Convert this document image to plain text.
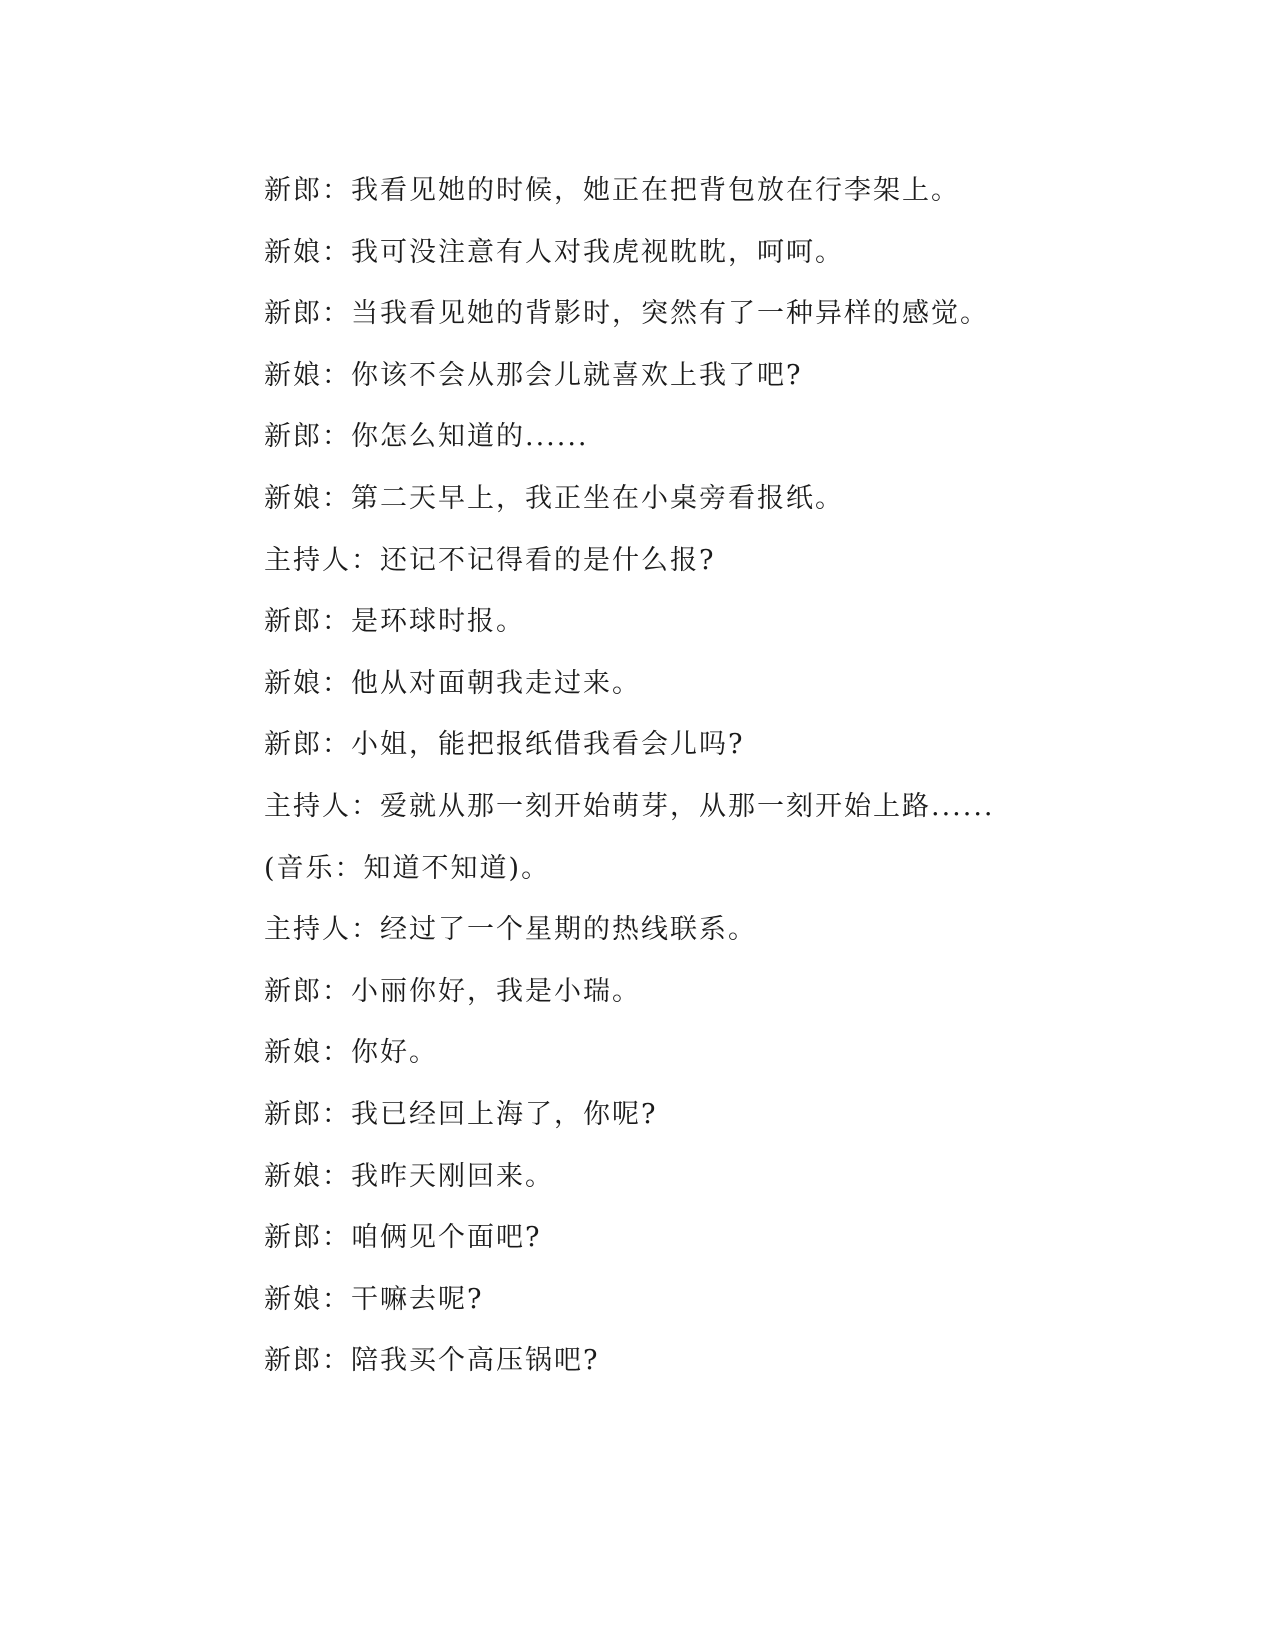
新郎：我看见她的时候，她正在把背包放在行李架上。
新娘：我可没注意有人对我虎视眈眈，呵呵。
新郎：当我看见她的背影时，突然有了一种异样的感觉。
新娘：你该不会从那会儿就喜欢上我了吧?
新郎：你怎么知道的......
新娘：第二天早上，我正坐在小桌旁看报纸。
主持人：还记不记得看的是什么报?
新郎：是环球时报。
新娘：他从对面朝我走过来。
新郎：小姐，能把报纸借我看会儿吗?
主持人：爱就从那一刻开始萌芽，从那一刻开始上路......
(音乐：知道不知道)。
主持人：经过了一个星期的热线联系。
新郎：小丽你好，我是小瑞。
新娘：你好。
新郎：我已经回上海了，你呢?
新娘：我昨天刚回来。
新郎：咱俩见个面吧?
新娘：干嘛去呢?
新郎：陪我买个高压锅吧?
